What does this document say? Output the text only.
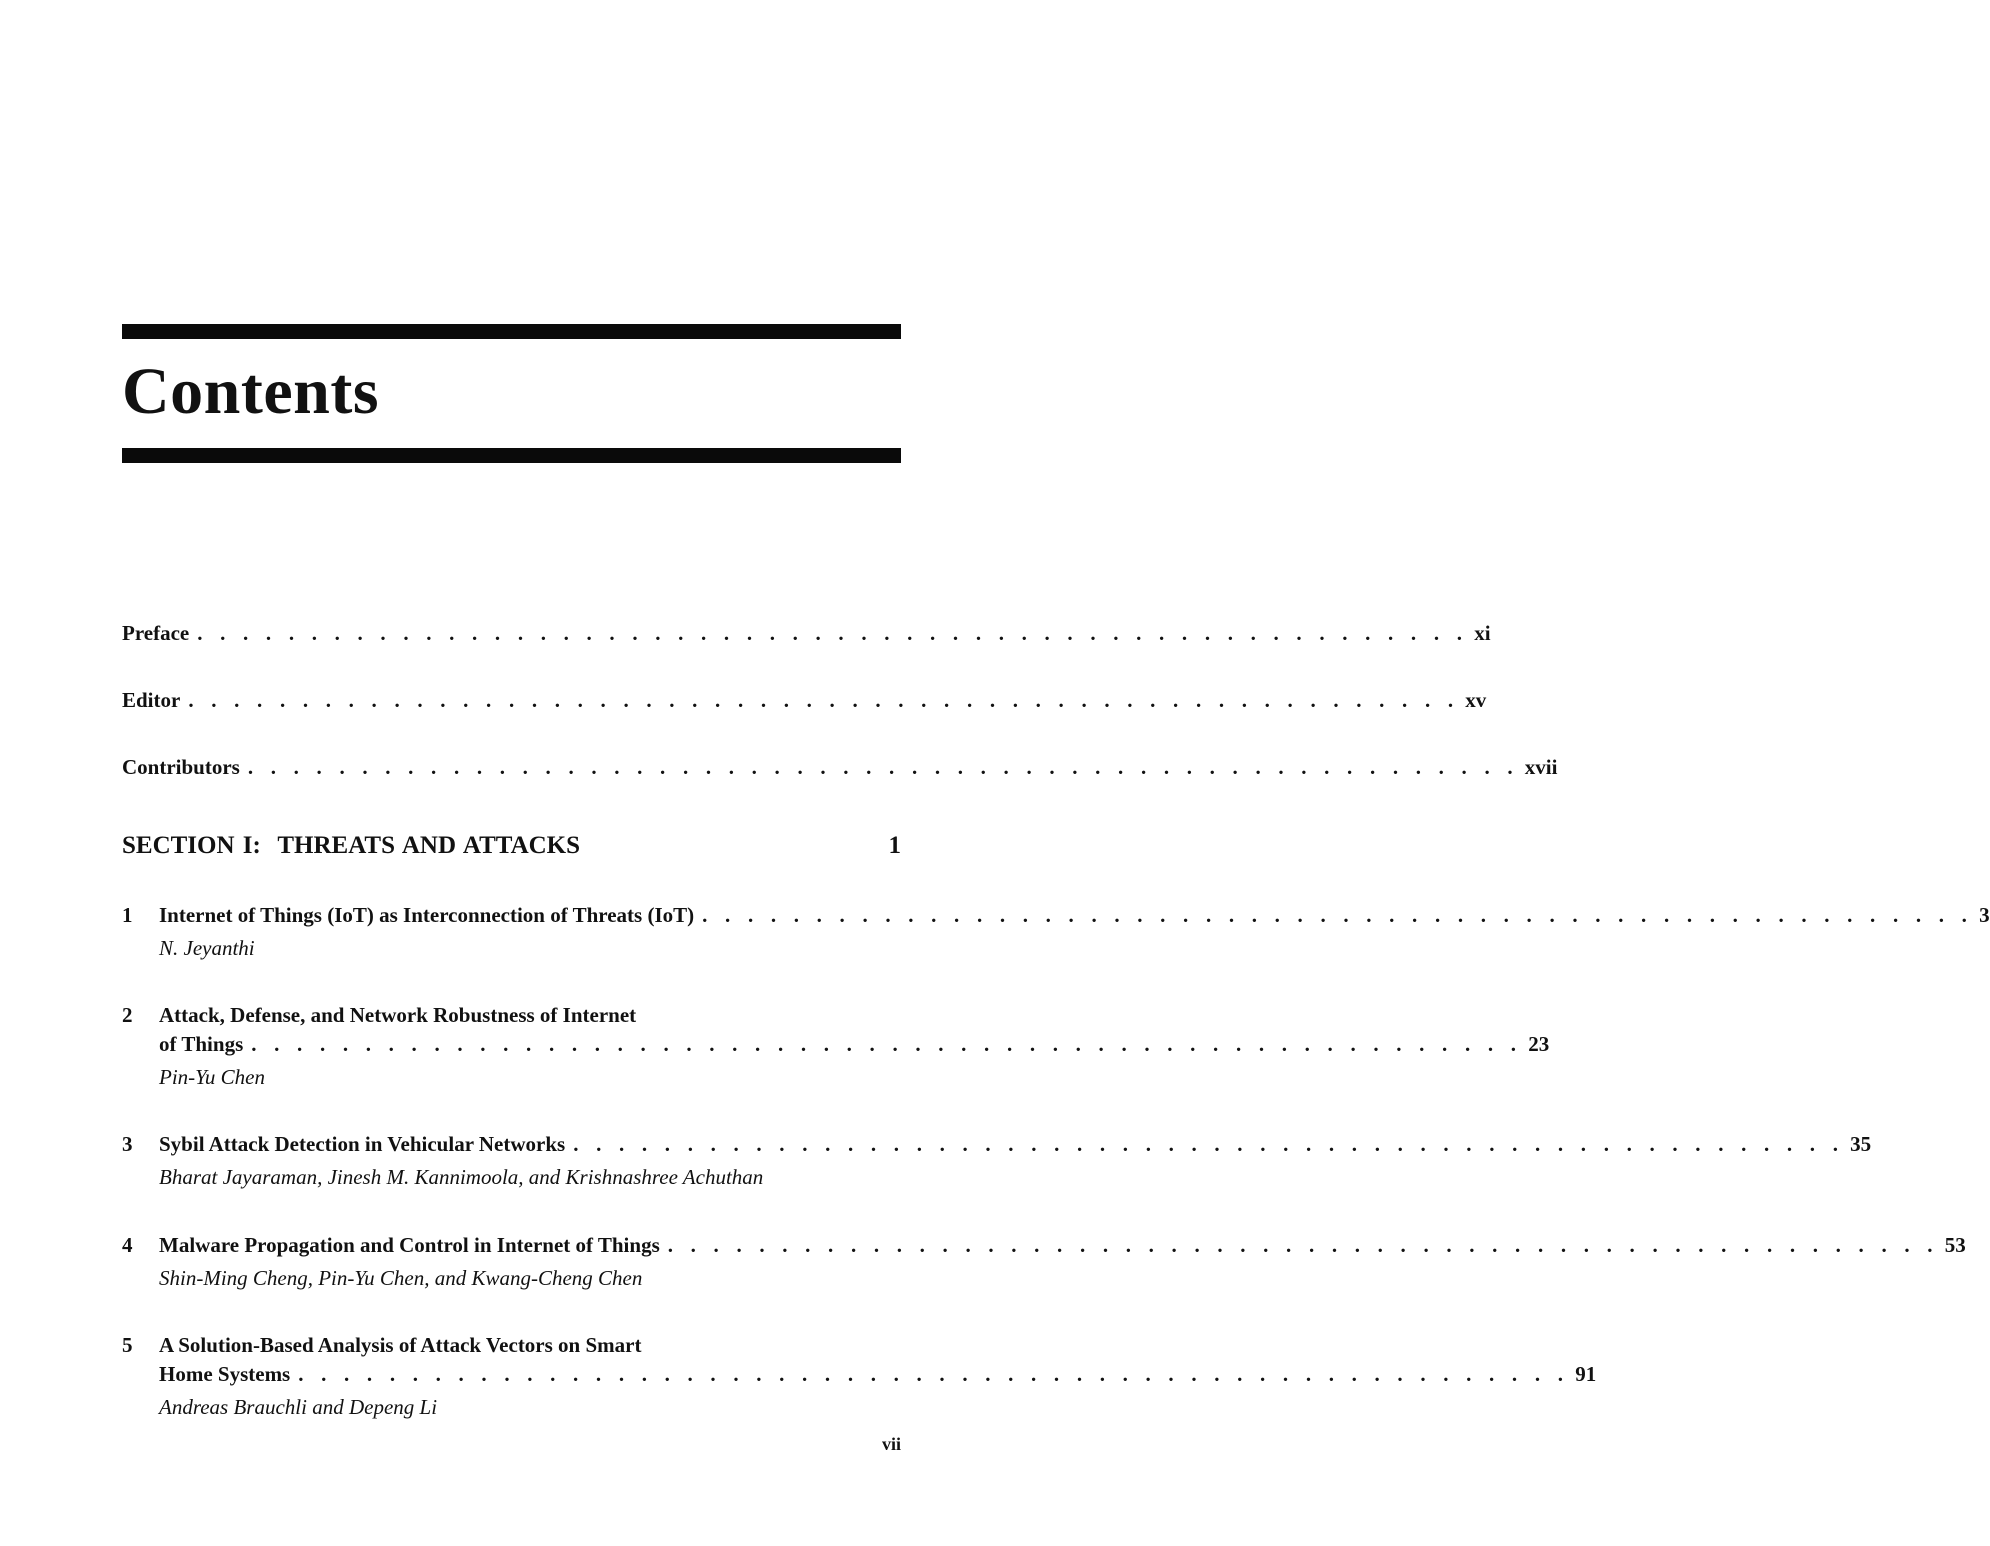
Contents
Preface . . . . . . . . . . . . . . . . . . . . . . . . . . . . . . . . . . . . . . . . . . . . . . . . . . . . . . . . xi
Editor . . . . . . . . . . . . . . . . . . . . . . . . . . . . . . . . . . . . . . . . . . . . . . . . . . . . . . . . xv
Contributors . . . . . . . . . . . . . . . . . . . . . . . . . . . . . . . . . . . . . . . . . . . . . . . . . . . . . . . . xvii
SECTION I:  THREATS AND ATTACKS	1
1 Internet of Things (IoT) as Interconnection of Threats (IoT) . . . . . . . . . . . . . . . . . . . . . . . . . . . . . . . . . . . . . . . . . . . . . . . . . . . . . . . . 3
N. Jeyanthi
2 Attack, Defense, and Network Robustness of Internet
of Things . . . . . . . . . . . . . . . . . . . . . . . . . . . . . . . . . . . . . . . . . . . . . . . . . . . . . . . . 23
Pin-Yu Chen
3 Sybil Attack Detection in Vehicular Networks . . . . . . . . . . . . . . . . . . . . . . . . . . . . . . . . . . . . . . . . . . . . . . . . . . . . . . . . 35
Bharat Jayaraman, Jinesh M. Kannimoola, and Krishnashree Achuthan
4 Malware Propagation and Control in Internet of Things . . . . . . . . . . . . . . . . . . . . . . . . . . . . . . . . . . . . . . . . . . . . . . . . . . . . . . . . 53
Shin-Ming Cheng, Pin-Yu Chen, and Kwang-Cheng Chen
5 A Solution-Based Analysis of Attack Vectors on Smart
Home Systems . . . . . . . . . . . . . . . . . . . . . . . . . . . . . . . . . . . . . . . . . . . . . . . . . . . . . . . . 91
Andreas Brauchli and Depeng Li
vii
